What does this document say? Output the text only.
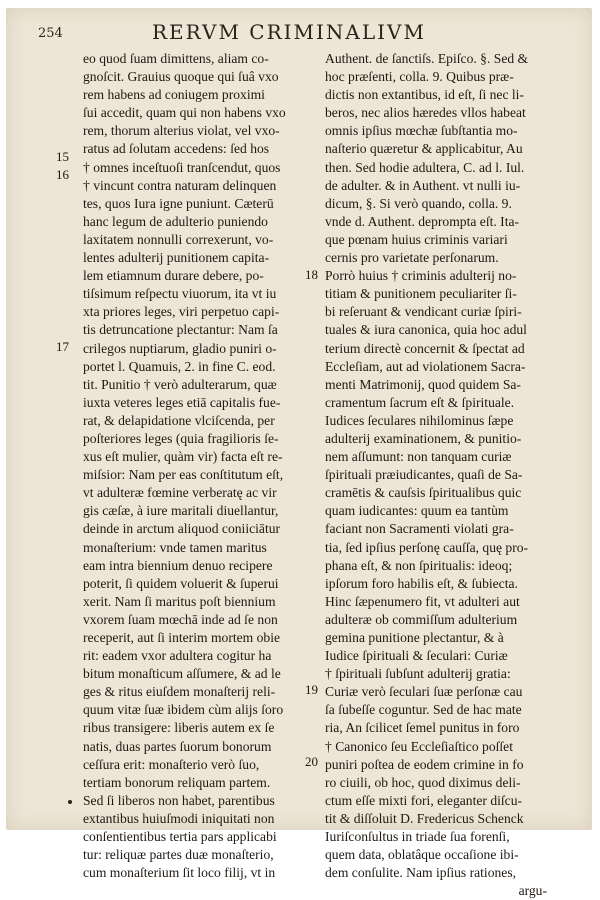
254	RERVM CRIMINALIVM
eo quod ſuam dimittens, aliam co-
gnoſcit. Grauius quoque qui ſuâ vxo
rem habens ad coniugem proximi
ſui accedit, quam qui non habens vxo
rem, thorum alterius violat, vel vxo-
ratus ad ſolutam accedens: ſed hos
† omnes inceſtuoſi tranſcendut, quos
† vincunt contra naturam delinquen
tes, quos Iura igne puniunt. Cæterū
hanc legum de adulterio puniendo
laxitatem nonnulli correxerunt, vo-
lentes adulterij punitionem capita-
lem etiamnum durare debere, po-
tiſsimum reſpectu viuorum, ita vt iu
xta priores leges, viri perpetuo capi-
tis detruncatione plectantur: Nam ſa
crilegos nuptiarum, gladio puniri o-
portet l. Quamuis, 2. in fine C. eod.
tit. Punitio † verò adulterarum, quæ
iuxta veteres leges etiā capitalis fue-
rat, & delapidatione vlciſcenda, per
poſteriores leges (quia fragilioris ſe-
xus eſt mulier, quàm vir) facta eſt re-
miſsior: Nam per eas conſtitutum eſt,
vt adulteræ fœmine verberatę ac vir
gis cæſæ, à iure maritali diuellantur,
deinde in arctum aliquod coniiciātur
monaſterium: vnde tamen maritus
eam intra biennium denuo recipere
poterit, ſi quidem voluerit & ſuperui
xerit. Nam ſi maritus poſt biennium
vxorem ſuam mœchā inde ad ſe non
receperit, aut ſi interim mortem obie
rit: eadem vxor adultera cogitur ha
bitum monaſticum aſſumere, & ad le
ges & ritus eiuſdem monaſterij reli-
quum vitæ ſuæ ibidem cùm alijs ſoro
ribus transigere: liberis autem ex ſe
natis, duas partes ſuorum bonorum
ceſſura erit: monaſterio verò ſuo,
tertiam bonorum reliquam partem.
Sed ſi liberos non habet, parentibus
extantibus huiuſmodi iniquitati non
conſentientibus tertia pars applicabi
tur: reliquæ partes duæ monaſterio,
cum monaſterium ſit loco filij, vt in
Authent. de ſanctiſs. Epiſco. §. Sed &
hoc præſenti, colla. 9. Quibus præ-
dictis non extantibus, id eſt, ſi nec li-
beros, nec alios hæredes vllos habeat
omnis ipſius mœchæ ſubſtantia mo-
naſterio quæretur & applicabitur, Au
then. Sed hodie adultera, C. ad l. Iul.
de adulter. & in Authent. vt nulli iu-
dicum, §. Si verò quando, colla. 9.
vnde d. Authent. deprompta eſt. Ita-
que pœnam huius criminis variari
cernis pro varietate perſonarum.
Porrò huius † criminis adulterij no-
titiam & punitionem peculiariter ſi-
bi reſeruant & vendicant curiæ ſpiri-
tuales & iura canonica, quia hoc adul
terium directè concernit & ſpectat ad
Eccleſiam, aut ad violationem Sacra-
menti Matrimonij, quod quidem Sa-
cramentum ſacrum eſt & ſpirituale.
Iudices ſeculares nihilominus ſæpe
adulterij examinationem, & punitio-
nem aſſumunt: non tanquam curiæ
ſpirituali præiudicantes, quaſi de Sa-
cramētis & cauſsis ſpiritualibus quic
quam iudicantes: quum ea tantùm
faciant non Sacramenti violati gra-
tia, ſed ipſius perſonę cauſſa, quę pro-
phana eſt, & non ſpiritualis: ideoq;
ipſorum foro habilis eſt, & ſubiecta.
Hinc ſæpenumero fit, vt adulteri aut
adulteræ ob commiſſum adulterium
gemina punitione plectantur, & à
Iudice ſpirituali & ſeculari: Curiæ
† ſpirituali ſubſunt adulterij gratia:
Curiæ verò ſeculari ſuæ perſonæ cau
ſa ſubeſſe coguntur. Sed de hac mate
ria, An ſcilicet ſemel punitus in foro
† Canonico ſeu Eccleſiaſtico poſſet
puniri poſtea de eodem crimine in fo
ro ciuili, ob hoc, quod diximus deli-
ctum eſſe mixti fori, eleganter diſcu-
tit & diſſoluit D. Fredericus Schenck
Iuriſconſultus in triade ſua forenſi,
quem data, oblatâque occaſione ibi-
dem conſulite. Nam ipſius rationes,
argu-
15
16
17
18
19
20
